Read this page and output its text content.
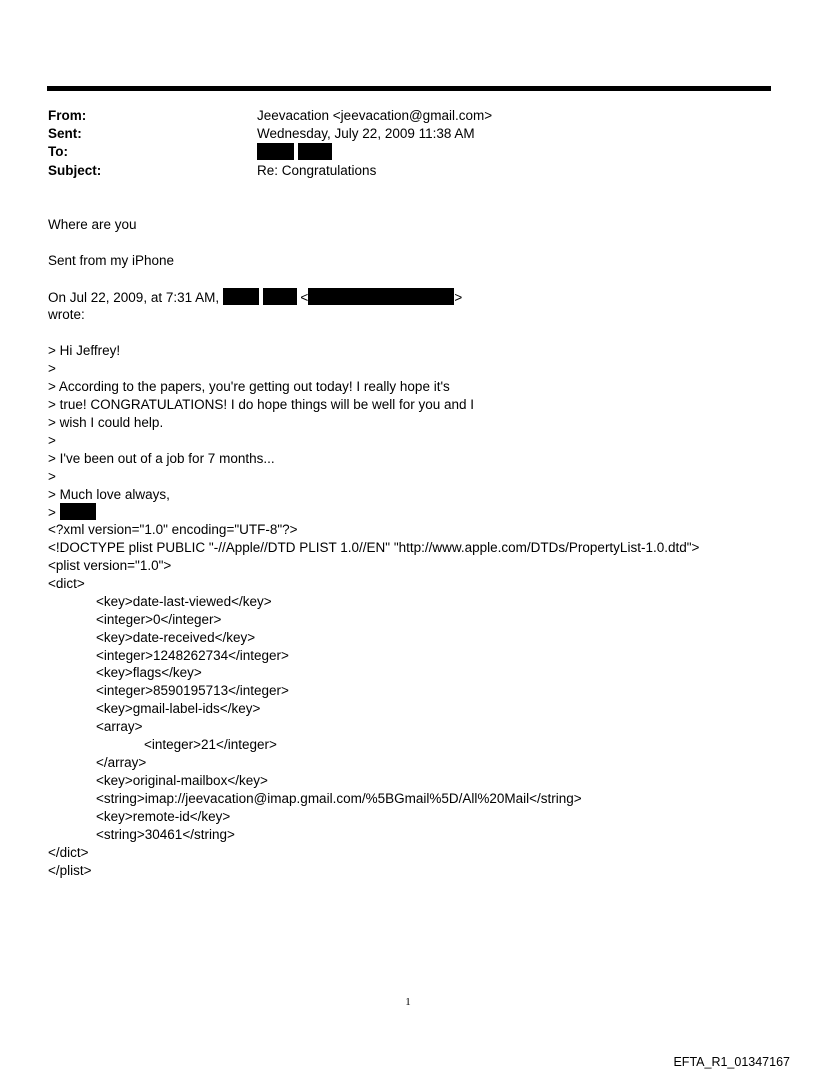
From:	Jeevacation <jeevacation@gmail.com>
Sent:	Wednesday, July 22, 2009 11:38 AM
To:

Subject:	Re: Congratulations
Where are you
Sent from my iPhone
On Jul 22, 2009, at 7:31 AM,	<	>
wrote:
> Hi Jeffrey!
>
> According to the papers, you're getting out today! I really hope it's
> true! CONGRATULATIONS! I do hope things will be well for you and I
> wish I could help.
>
> I've been out of a job for 7 months...
>
> Much love always,
>
<?xml version="1.0" encoding="UTF-8"?>
<!DOCTYPE plist PUBLIC "-//Apple//DTD PLIST 1.0//EN" "http://www.apple.com/DTDs/PropertyList-1.0.dtd">
<plist version="1.0">
<dict>
<key>date-last-viewed</key>
<integer>0</integer>
<key>date-received</key>
<integer>1248262734</integer>
<key>flags</key>
<integer>8590195713</integer>
<key>gmail-label-ids</key>
<array>
<integer>21</integer>
</array>
<key>original-mailbox</key>
<string>imap://jeevacation@imap.gmail.com/%5BGmail%5D/All%20Mail</string>
<key>remote-id</key>
<string>30461</string>
</dict>
</plist>
1
EFTA_R1_01347167
